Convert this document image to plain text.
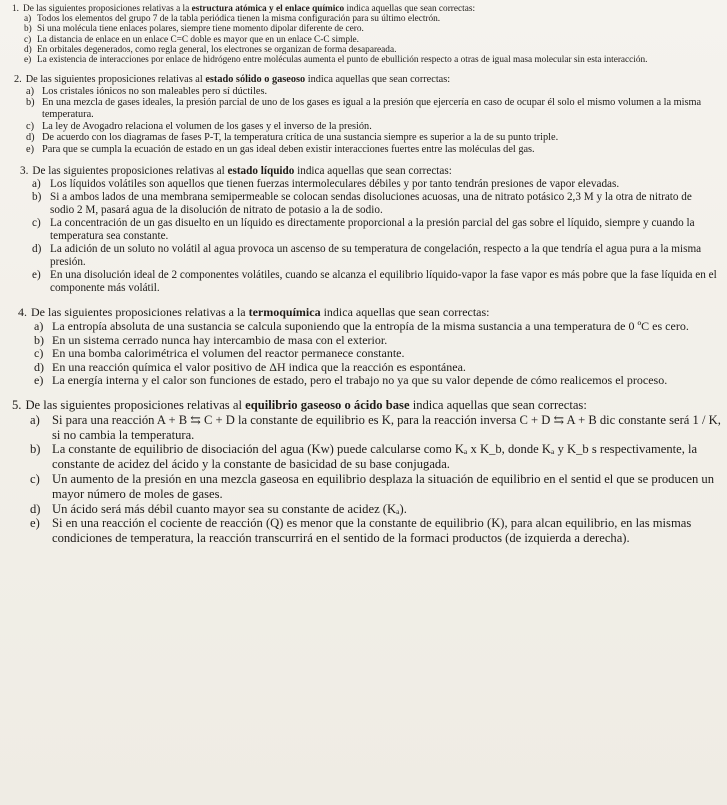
1. De las siguientes proposiciones relativas a la estructura atómica y el enlace químico indica aquellas que sean correctas:
a) Todos los elementos del grupo 7 de la tabla periódica tienen la misma configuración para su último electrón.
b) Si una molécula tiene enlaces polares, siempre tiene momento dipolar diferente de cero.
c) La distancia de enlace en un enlace C=C doble es mayor que en un enlace C-C simple.
d) En orbitales degenerados, como regla general, los electrones se organizan de forma desapareada.
e) La existencia de interacciones por enlace de hidrógeno entre moléculas aumenta el punto de ebullición respecto a otras de igual masa molecular sin esta interacción.
2. De las siguientes proposiciones relativas al estado sólido o gaseoso indica aquellas que sean correctas:
a) Los cristales iónicos no son maleables pero sí dúctiles.
b) En una mezcla de gases ideales, la presión parcial de uno de los gases es igual a la presión que ejercería en caso de ocupar él solo el mismo volumen a la misma temperatura.
c) La ley de Avogadro relaciona el volumen de los gases y el inverso de la presión.
d) De acuerdo con los diagramas de fases P-T, la temperatura crítica de una sustancia siempre es superior a la de su punto triple.
e) Para que se cumpla la ecuación de estado en un gas ideal deben existir interacciones fuertes entre las moléculas del gas.
3. De las siguientes proposiciones relativas al estado líquido indica aquellas que sean correctas:
a) Los líquidos volátiles son aquellos que tienen fuerzas intermoleculares débiles y por tanto tendrán presiones de vapor elevadas.
b) Si a ambos lados de una membrana semipermeable se colocan sendas disoluciones acuosas, una de nitrato potásico 2,3 M y la otra de nitrato de sodio 2 M, pasará agua de la disolución de nitrato de potasio a la de sodio.
c) La concentración de un gas disuelto en un líquido es directamente proporcional a la presión parcial del gas sobre el líquido, siempre y cuando la temperatura sea constante.
d) La adición de un soluto no volátil al agua provoca un ascenso de su temperatura de congelación, respecto a la que tendría el agua pura a la misma presión.
e) En una disolución ideal de 2 componentes volátiles, cuando se alcanza el equilibrio líquido-vapor la fase vapor es más pobre que la fase líquida en el componente más volátil.
4. De las siguientes proposiciones relativas a la termoquímica indica aquellas que sean correctas:
a) La entropía absoluta de una sustancia se calcula suponiendo que la entropía de la misma sustancia a una temperatura de 0 ºC es cero.
b) En un sistema cerrado nunca hay intercambio de masa con el exterior.
c) En una bomba calorimétrica el volumen del reactor permanece constante.
d) En una reacción química el valor positivo de ΔH indica que la reacción es espontánea.
e) La energía interna y el calor son funciones de estado, pero el trabajo no ya que su valor depende de cómo realicemos el proceso.
5. De las siguientes proposiciones relativas al equilibrio gaseoso o ácido base indica aquellas que sean correctas:
a) Si para una reacción A + B ⇆ C + D la constante de equilibrio es K, para la reacción inversa C + D ⇆ A + B dic constante será 1 / K, si no cambia la temperatura.
b) La constante de equilibrio de disociación del agua (Kw) puede calcularse como Kₐ x K_b, donde Kₐ y K_b s respectivamente, la constante de acidez del ácido y la constante de basicidad de su base conjugada.
c) Un aumento de la presión en una mezcla gaseosa en equilibrio desplaza la situación de equilibrio en el sentid el que se producen un mayor número de moles de gases.
d) Un ácido será más débil cuanto mayor sea su constante de acidez (Kₐ).
e) Si en una reacción el cociente de reacción (Q) es menor que la constante de equilibrio (K), para alcan equilibrio, en las mismas condiciones de temperatura, la reacción transcurrirá en el sentido de la formaci productos (de izquierda a derecha).
